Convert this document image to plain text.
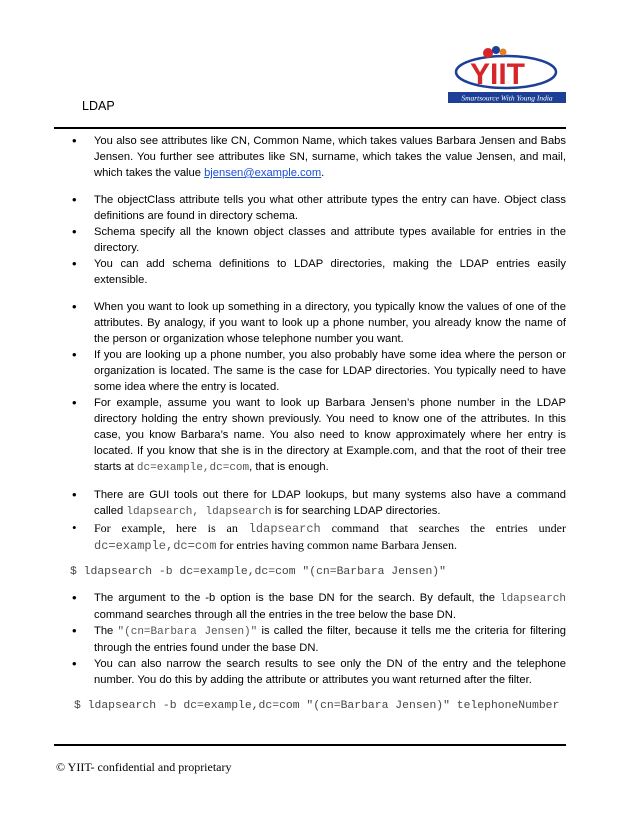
LDAP
YIIT
Smartsource With Young India
• You also see attributes like CN, Common Name, which takes values Barbara Jensen and Babs Jensen. You further see attributes like SN, surname, which takes the value Jensen, and mail, which takes the value bjensen@example.com.
• The objectClass attribute tells you what other attribute types the entry can have. Object class definitions are found in directory schema.
• Schema specify all the known object classes and attribute types available for entries in the directory.
• You can add schema definitions to LDAP directories, making the LDAP entries easily extensible.
• When you want to look up something in a directory, you typically know the values of one of the attributes. By analogy, if you want to look up a phone number, you already know the name of the person or organization whose telephone number you want.
• If you are looking up a phone number, you also probably have some idea where the person or organization is located. The same is the case for LDAP directories. You typically need to have some idea where the entry is located.
• For example, assume you want to look up Barbara Jensen’s phone number in the LDAP directory holding the entry shown previously. You need to know one of the attributes. In this case, you know Barbara’s name. You also need to know approximately where her entry is located. If you know that she is in the directory at Example.com, and that the root of their tree starts at dc=example,dc=com, that is enough.
• There are GUI tools out there for LDAP lookups, but many systems also have a command called ldapsearch, ldapsearch is for searching LDAP directories.
• For example, here is an ldapsearch command that searches the entries under dc=example,dc=com for entries having common name Barbara Jensen.
$ ldapsearch -b dc=example,dc=com "(cn=Barbara Jensen)"
• The argument to the -b option is the base DN for the search. By default, the ldapsearch command searches through all the entries in the tree below the base DN.
• The "(cn=Barbara Jensen)" is called the filter, because it tells me the criteria for filtering through the entries found under the base DN.
• You can also narrow the search results to see only the DN of the entry and the telephone number. You do this by adding the attribute or attributes you want returned after the filter.
$ ldapsearch -b dc=example,dc=com "(cn=Barbara Jensen)" telephoneNumber
© YIIT- confidential and proprietary
